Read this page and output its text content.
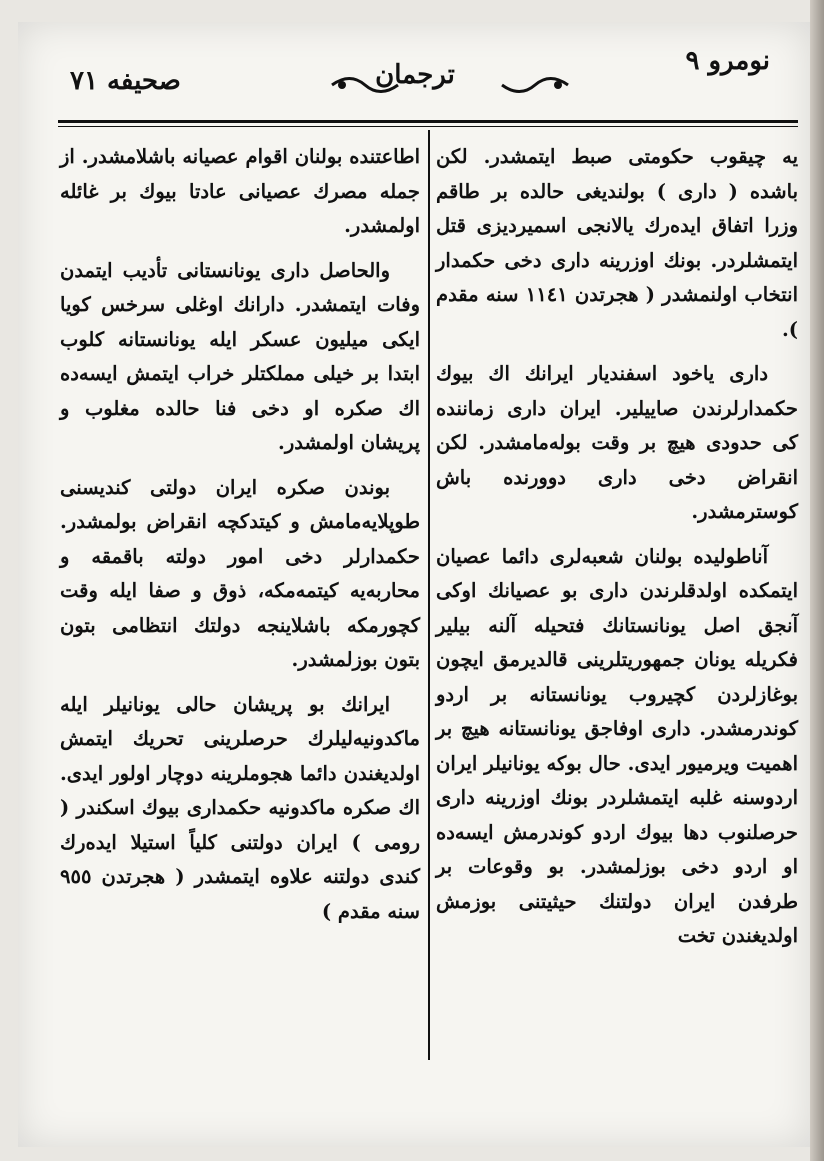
نومرو ٩
ترجمان
صحيفه ٧١

یه چیقوب حکومتی صبط ایتمشدر. لکن باشده ( داری ) بولندیغی حالده بر طاقم وزرا اتفاق ایدەرك یالانجی اسمیردیزی قتل ایتمشلردر. بونك اوزرینه داری دخی حکمدار انتخاب اولنمشدر ( هجرتدن ١١٤١ سنه مقدم ).

داری یاخود اسفندیار ایرانك اك بیوك حکمدارلرندن صاییلیر. ایران داری زماننده کی حدودی هیچ بر وقت بولەمامشدر. لکن انقراض دخی داری دوورنده باش کوسترمشدر.

آناطولیده بولنان شعبەلری دائما عصیان ایتمکده اولدقلرندن داری بو عصیانك اوکی آنجق اصل یونانستانك فتحیله آلنه بیلیر فکریله یونان جمهوریتلرینی قالدیرمق ایچون بوغازلردن کچیروب یونانستانه بر اردو کوندرمشدر. داری اوفاجق یونانستانه هیچ بر اهمیت ویرمیور ایدی. حال بوکه یونانیلر ایران اردوسنه غلبه ایتمشلردر بونك اوزرینه داری حرصلنوب دها بیوك اردو کوندرمش ایسەده او اردو دخی بوزلمشدر. بو وقوعات بر طرفدن ایران دولتنك حیثیتنی بوزمش اولدیغندن تخت

اطاعتنده بولنان اقوام عصیانه باشلامشدر. از جمله مصرك عصیانی عادتا بیوك بر غائله اولمشدر.

والحاصل داری یونانستانی تأدیب ایتمدن وفات ایتمشدر. دارانك اوغلی سرخس کویا ایکی میلیون عسکر ایله یونانستانه کلوب ابتدا بر خیلی مملکتلر خراب ایتمش ایسەده اك صکره او دخی فنا حالده مغلوب و پریشان اولمشدر.

بوندن صکره ایران دولتی کندیسنی طوپلایەمامش و کیتدکچه انقراض بولمشدر. حکمدارلر دخی امور دولته باقمقه و محاربەیه کیتمەمکه، ذوق و صفا ایله وقت کچورمکه باشلاینجه دولتك انتظامی بتون بتون بوزلمشدر.

ایرانك بو پریشان حالی یونانیلر ایله ماکدونیەلیلرك حرصلرینی تحریك ایتمش اولدیغندن دائما هجوملرینه دوچار اولور ایدی. اك صکره ماکدونیه حکمداری بیوك اسکندر ( رومی ) ایران دولتنی کلیاً استیلا ایدەرك کندی دولتنه علاوه ایتمشدر ( هجرتدن ٩٥٥ سنه مقدم )
